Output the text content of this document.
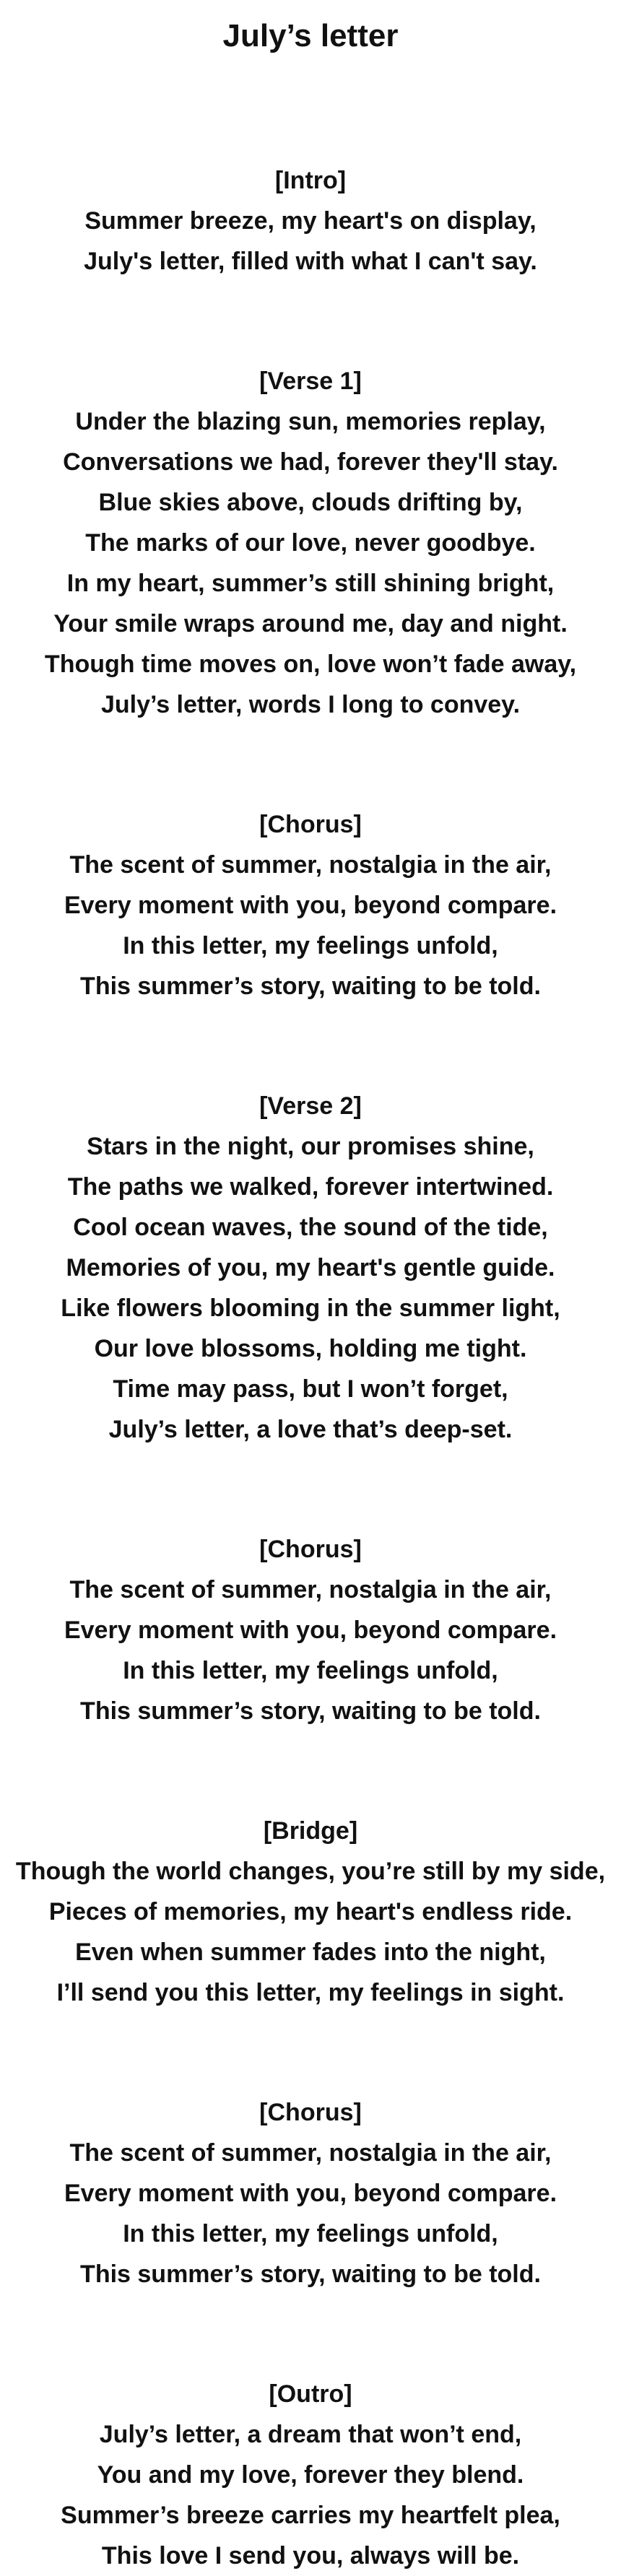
July’s letter
[Intro]
Summer breeze, my heart's on display,
July's letter, filled with what I can't say.
[Verse 1]
Under the blazing sun, memories replay,
Conversations we had, forever they'll stay.
Blue skies above, clouds drifting by,
The marks of our love, never goodbye.
In my heart, summer’s still shining bright,
Your smile wraps around me, day and night.
Though time moves on, love won’t fade away,
July’s letter, words I long to convey.
[Chorus]
The scent of summer, nostalgia in the air,
Every moment with you, beyond compare.
In this letter, my feelings unfold,
This summer’s story, waiting to be told.
[Verse 2]
Stars in the night, our promises shine,
The paths we walked, forever intertwined.
Cool ocean waves, the sound of the tide,
Memories of you, my heart's gentle guide.
Like flowers blooming in the summer light,
Our love blossoms, holding me tight.
Time may pass, but I won’t forget,
July’s letter, a love that’s deep-set.
[Chorus]
The scent of summer, nostalgia in the air,
Every moment with you, beyond compare.
In this letter, my feelings unfold,
This summer’s story, waiting to be told.
[Bridge]
Though the world changes, you’re still by my side,
Pieces of memories, my heart's endless ride.
Even when summer fades into the night,
I’ll send you this letter, my feelings in sight.
[Chorus]
The scent of summer, nostalgia in the air,
Every moment with you, beyond compare.
In this letter, my feelings unfold,
This summer’s story, waiting to be told.
[Outro]
July’s letter, a dream that won’t end,
You and my love, forever they blend.
Summer’s breeze carries my heartfelt plea,
This love I send you, always will be.
